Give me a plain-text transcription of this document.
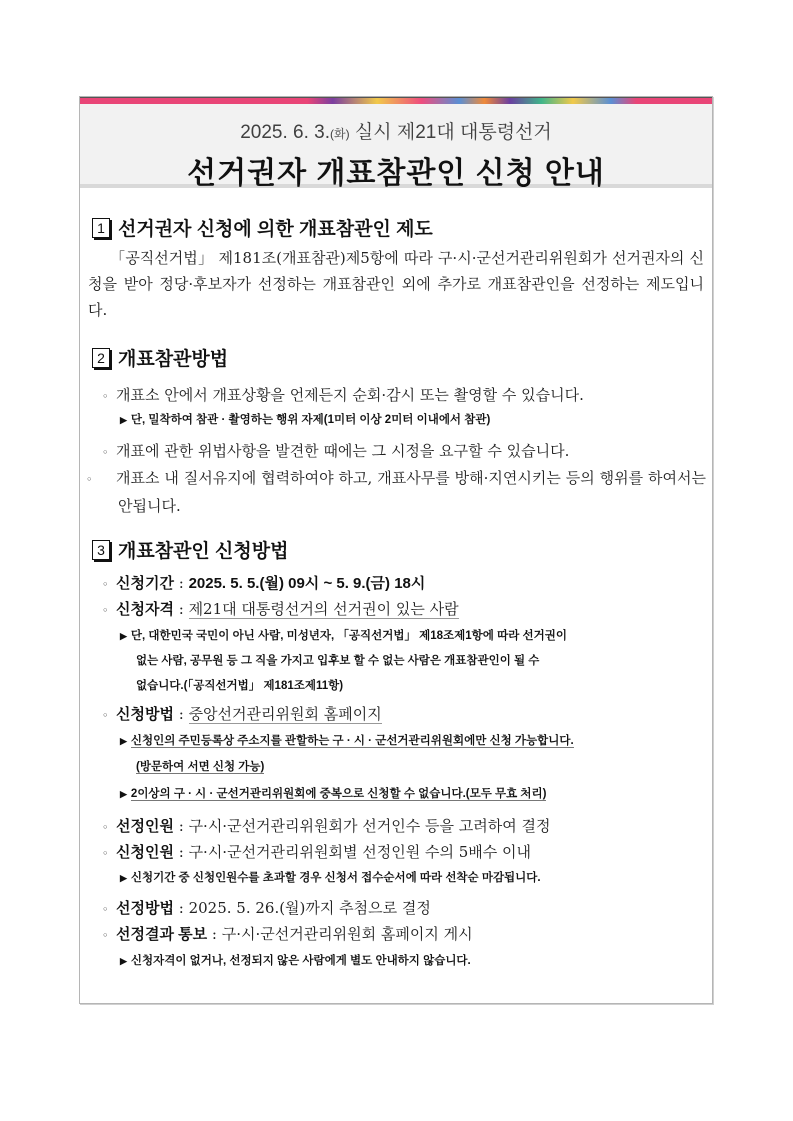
2025. 6. 3.(화) 실시 제21대 대통령선거
선거권자 개표참관인 신청 안내
1 선거권자 신청에 의한 개표참관인 제도
「공직선거법」 제181조(개표참관)제5항에 따라 구·시·군선거관리위원회가 선거권자의 신청을 받아 정당·후보자가 선정하는 개표참관인 외에 추가로 개표참관인을 선정하는 제도입니다.
2 개표참관방법
◦ 개표소 안에서 개표상황을 언제든지 순회·감시 또는 촬영할 수 있습니다.
▶ 단, 밀착하여 참관 · 촬영하는 행위 자제(1미터 이상 2미터 이내에서 참관)
◦ 개표에 관한 위법사항을 발견한 때에는 그 시정을 요구할 수 있습니다.
◦ 개표소 내 질서유지에 협력하여야 하고, 개표사무를 방해·지연시키는 등의 행위를 하여서는 안됩니다.
3 개표참관인 신청방법
◦ 신청기간 : 2025. 5. 5.(월) 09시 ~ 5. 9.(금) 18시
◦ 신청자격 : 제21대 대통령선거의 선거권이 있는 사람
▶ 단, 대한민국 국민이 아닌 사람, 미성년자, 「공직선거법」 제18조제1항에 따라 선거권이
없는 사람, 공무원 등 그 직을 가지고 입후보 할 수 없는 사람은 개표참관인이 될 수
없습니다.(「공직선거법」 제181조제11항)
◦ 신청방법 : 중앙선거관리위원회 홈페이지
▶ 신청인의 주민등록상 주소지를 관할하는 구 · 시 · 군선거관리위원회에만 신청 가능합니다.
(방문하여 서면 신청 가능)
▶ 2이상의 구 · 시 · 군선거관리위원회에 중복으로 신청할 수 없습니다.(모두 무효 처리)
◦ 선정인원 : 구·시·군선거관리위원회가 선거인수 등을 고려하여 결정
◦ 신청인원 : 구·시·군선거관리위원회별 선정인원 수의 5배수 이내
▶ 신청기간 중 신청인원수를 초과할 경우 신청서 접수순서에 따라 선착순 마감됩니다.
◦ 선정방법 : 2025. 5. 26.(월)까지 추첨으로 결정
◦ 선정결과 통보 : 구·시·군선거관리위원회 홈페이지 게시
▶ 신청자격이 없거나, 선정되지 않은 사람에게 별도 안내하지 않습니다.
